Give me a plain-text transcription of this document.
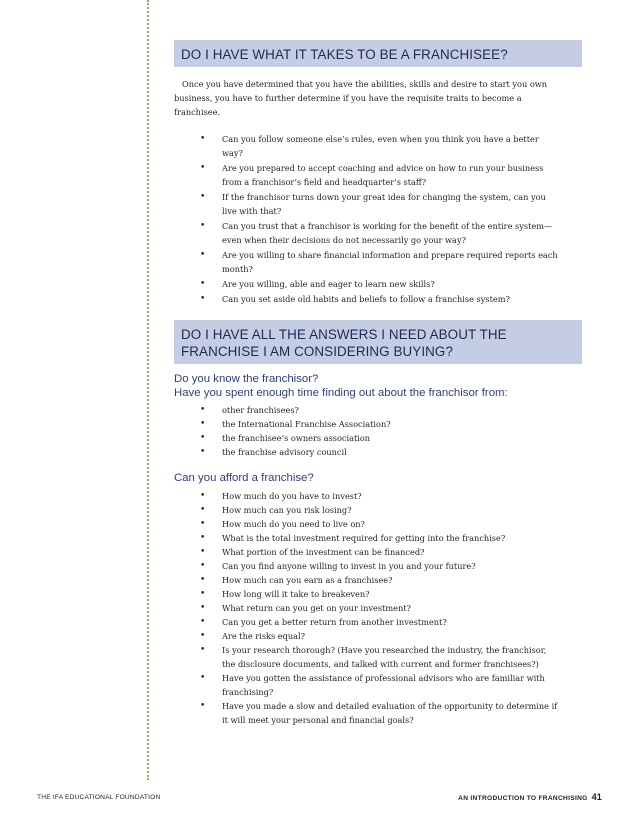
DO I HAVE WHAT IT TAKES TO BE A FRANCHISEE?

Once you have determined that you have the abilities, skills and desire to start you own business, you have to further determine if you have the requisite traits to become a franchisee.

• Can you follow someone else’s rules, even when you think you have a better way?
• Are you prepared to accept coaching and advice on how to run your business from a franchisor’s field and headquarter’s staff?
• If the franchisor turns down your great idea for changing the system, can you live with that?
• Can you trust that a franchisor is working for the benefit of the entire system—even when their decisions do not necessarily go your way?
• Are you willing to share financial information and prepare required reports each month?
• Are you willing, able and eager to learn new skills?
• Can you set aside old habits and beliefs to follow a franchise system?
DO I HAVE ALL THE ANSWERS I NEED ABOUT THE
FRANCHISE I AM CONSIDERING BUYING?

Do you know the franchisor?

Have you spent enough time finding out about the franchisor from:

• other franchisees?
• the International Franchise Association?
• the franchisee’s owners association
• the franchise advisory council

Can you afford a franchise?

• How much do you have to invest?
• How much can you risk losing?
• How much do you need to live on?
• What is the total investment required for getting into the franchise?
• What portion of the investment can be financed?
• Can you find anyone willing to invest in you and your future?
• How much can you earn as a franchisee?
• How long will it take to breakeven?
• What return can you get on your investment?
• Can you get a better return from another investment?
• Are the risks equal?
• Is your research thorough? (Have you researched the industry, the franchisor, the disclosure documents, and talked with current and former franchisees?)
• Have you gotten the assistance of professional advisors who are familiar with franchising?
• Have you made a slow and detailed evaluation of the opportunity to determine if it will meet your personal and financial goals?
THE IFA EDUCATIONAL FOUNDATION	AN INTRODUCTION TO FRANCHISING 41
